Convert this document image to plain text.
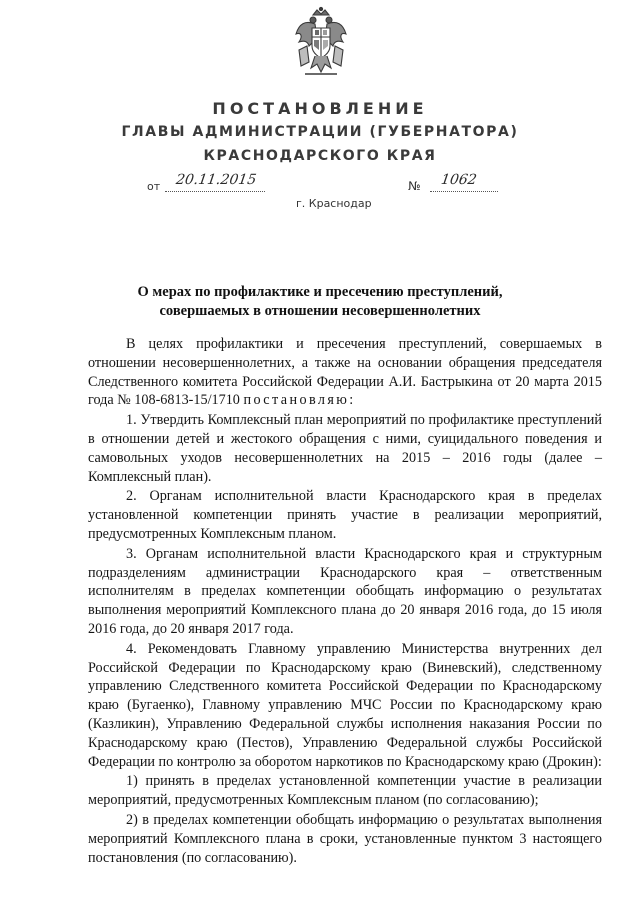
ПОСТАНОВЛЕНИЕ
ГЛАВЫ АДМИНИСТРАЦИИ (ГУБЕРНАТОРА)
КРАСНОДАРСКОГО КРАЯ
от 20.11.2015	№ 1062
г. Краснодар
О мерах по профилактике и пресечению преступлений,
совершаемых в отношении несовершеннолетних

В целях профилактики и пресечения преступлений, совершаемых в отношении несовершеннолетних, а также на основании обращения председателя Следственного комитета Российской Федерации А.И. Бастрыкина от 20 марта 2015 года № 108-6813-15/1710 постановляю:

1. Утвердить Комплексный план мероприятий по профилактике преступлений в отношении детей и жестокого обращения с ними, суицидального поведения и самовольных уходов несовершеннолетних на 2015 – 2016 годы (далее – Комплексный план).

2. Органам исполнительной власти Краснодарского края в пределах установленной компетенции принять участие в реализации мероприятий, предусмотренных Комплексным планом.

3. Органам исполнительной власти Краснодарского края и структурным подразделениям администрации Краснодарского края – ответственным исполнителям в пределах компетенции обобщать информацию о результатах выполнения мероприятий Комплексного плана до 20 января 2016 года, до 15 июля 2016 года, до 20 января 2017 года.

4. Рекомендовать Главному управлению Министерства внутренних дел Российской Федерации по Краснодарскому краю (Виневский), следственному управлению Следственного комитета Российской Федерации по Краснодарскому краю (Бугаенко), Главному управлению МЧС России по Краснодарскому краю (Казликин), Управлению Федеральной службы исполнения наказания России по Краснодарскому краю (Пестов), Управлению Федеральной службы Российской Федерации по контролю за оборотом наркотиков по Краснодарскому краю (Дрокин):

1) принять в пределах установленной компетенции участие в реализации мероприятий, предусмотренных Комплексным планом (по согласованию);

2) в пределах компетенции обобщать информацию о результатах выполнения мероприятий Комплексного плана в сроки, установленные пунктом 3 настоящего постановления (по согласованию).
